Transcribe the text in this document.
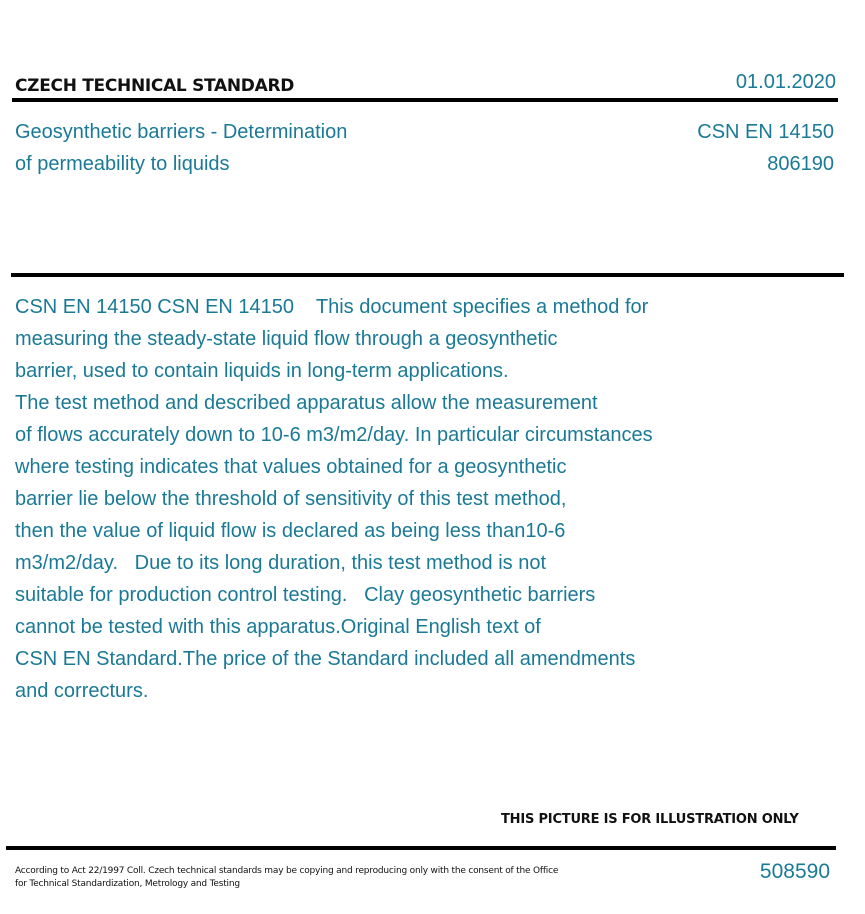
CZECH TECHNICAL STANDARD	01.01.2020
Geosynthetic barriers - Determination
of permeability to liquids
CSN EN 14150
806190
CSN EN 14150 CSN EN 14150    This document specifies a method for
measuring the steady-state liquid flow through a geosynthetic
barrier, used to contain liquids in long-term applications.
The test method and described apparatus allow the measurement
of flows accurately down to 10-6 m3/m2/day. In particular circumstances
where testing indicates that values obtained for a geosynthetic
barrier lie below the threshold of sensitivity of this test method,
then the value of liquid flow is declared as being less than10-6
m3/m2/day.   Due to its long duration, this test method is not
suitable for production control testing.   Clay geosynthetic barriers
cannot be tested with this apparatus.Original English text of
CSN EN Standard.The price of the Standard included all amendments
and correcturs.
THIS PICTURE IS FOR ILLUSTRATION ONLY
According to Act 22/1997 Coll. Czech technical standards may be copying and reproducing only with the consent of the Office
for Technical Standardization, Metrology and Testing
508590
